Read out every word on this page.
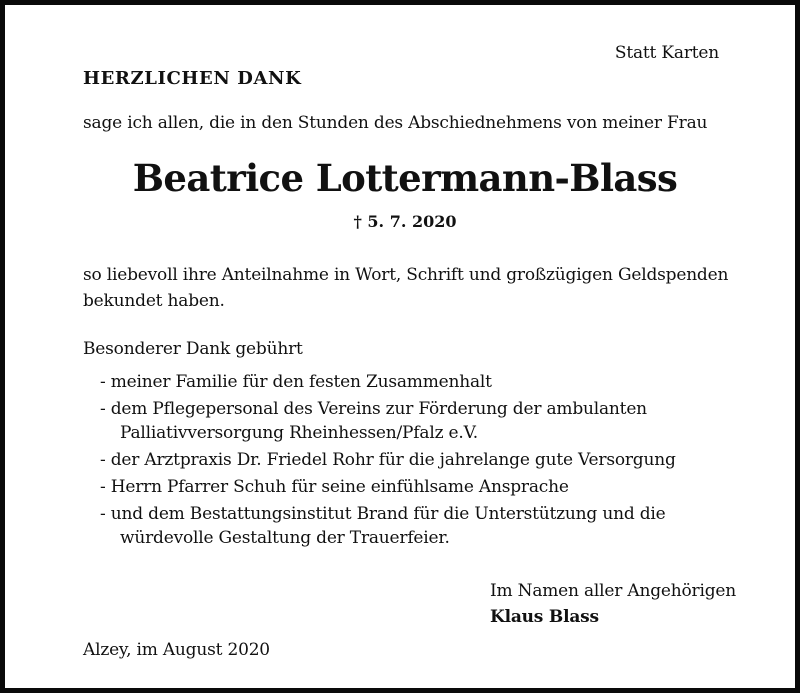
Statt Karten
HERZLICHEN DANK
sage ich allen, die in den Stunden des Abschiednehmens von meiner Frau
Beatrice Lottermann-Blass
† 5. 7. 2020
so liebevoll ihre Anteilnahme in Wort, Schrift und großzügigen Geldspenden
bekundet haben.
Besonderer Dank gebührt
- meiner Familie für den festen Zusammenhalt
- dem Pflegepersonal des Vereins zur Förderung der ambulanten
Palliativversorgung Rheinhessen/Pfalz e.V.
- der Arztpraxis Dr. Friedel Rohr für die jahrelange gute Versorgung
- Herrn Pfarrer Schuh für seine einfühlsame Ansprache
- und dem Bestattungsinstitut Brand für die Unterstützung und die
würdevolle Gestaltung der Trauerfeier.
Im Namen aller Angehörigen
Klaus Blass
Alzey, im August 2020
